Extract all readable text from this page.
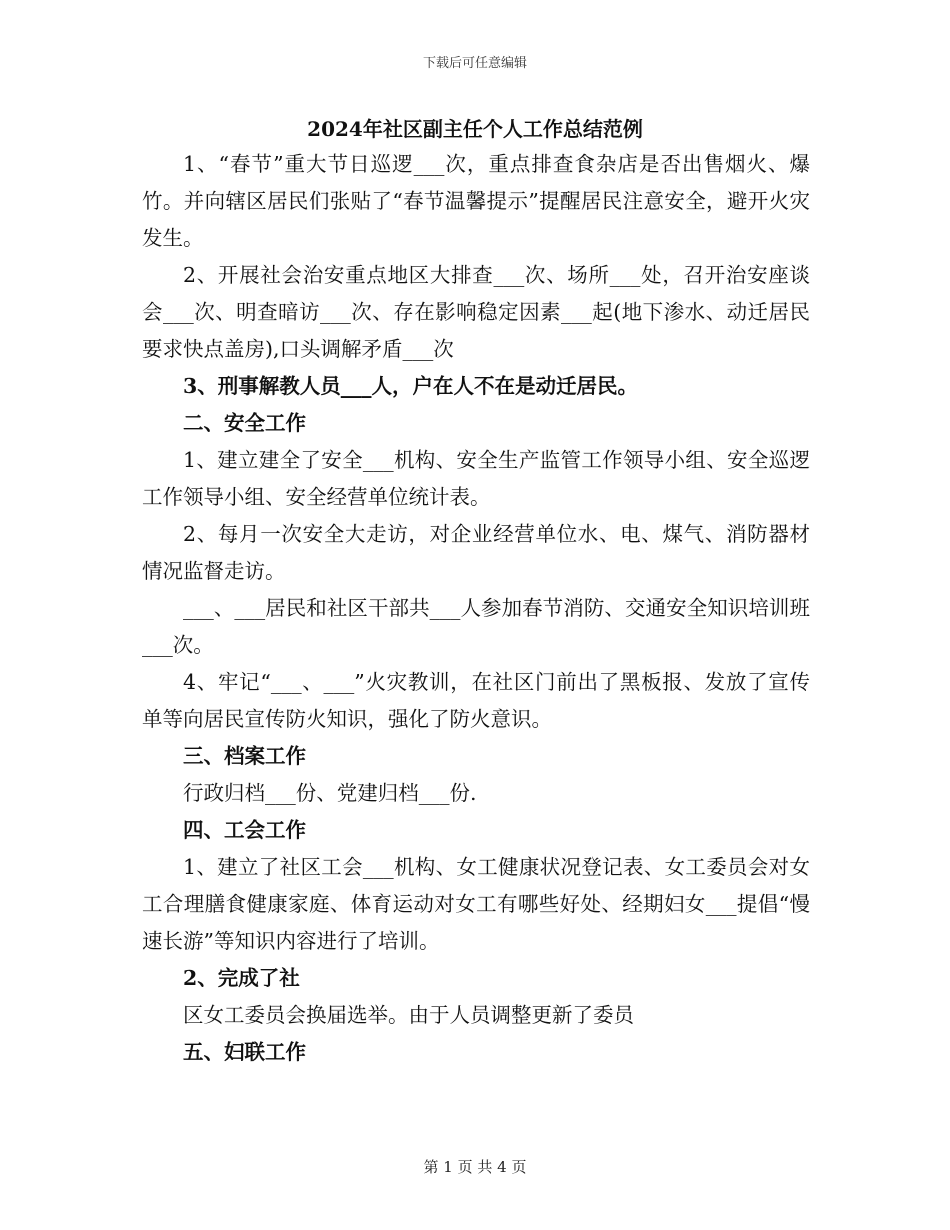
下载后可任意编辑
2024年社区副主任个人工作总结范例

1、“春节”重大节日巡逻___次，重点排查食杂店是否出售烟火、爆竹。并向辖区居民们张贴了“春节温馨提示”提醒居民注意安全，避开火灾发生。

2、开展社会治安重点地区大排查___次、场所___处，召开治安座谈会___次、明查暗访___次、存在影响稳定因素___起(地下渗水、动迁居民要求快点盖房),口头调解矛盾___次

3、刑事解教人员___人，户在人不在是动迁居民。

二、安全工作

1、建立建全了安全___机构、安全生产监管工作领导小组、安全巡逻工作领导小组、安全经营单位统计表。

2、每月一次安全大走访，对企业经营单位水、电、煤气、消防器材情况监督走访。

___、___居民和社区干部共___人参加春节消防、交通安全知识培训班___次。

4、牢记“___、___”火灾教训，在社区门前出了黑板报、发放了宣传单等向居民宣传防火知识，强化了防火意识。

三、档案工作

行政归档___份、党建归档___份.

四、工会工作

1、建立了社区工会___机构、女工健康状况登记表、女工委员会对女工合理膳食健康家庭、体育运动对女工有哪些好处、经期妇女___提倡“慢速长游”等知识内容进行了培训。

2、完成了社

区女工委员会换届选举。由于人员调整更新了委员

五、妇联工作

第 1 页 共 4 页
